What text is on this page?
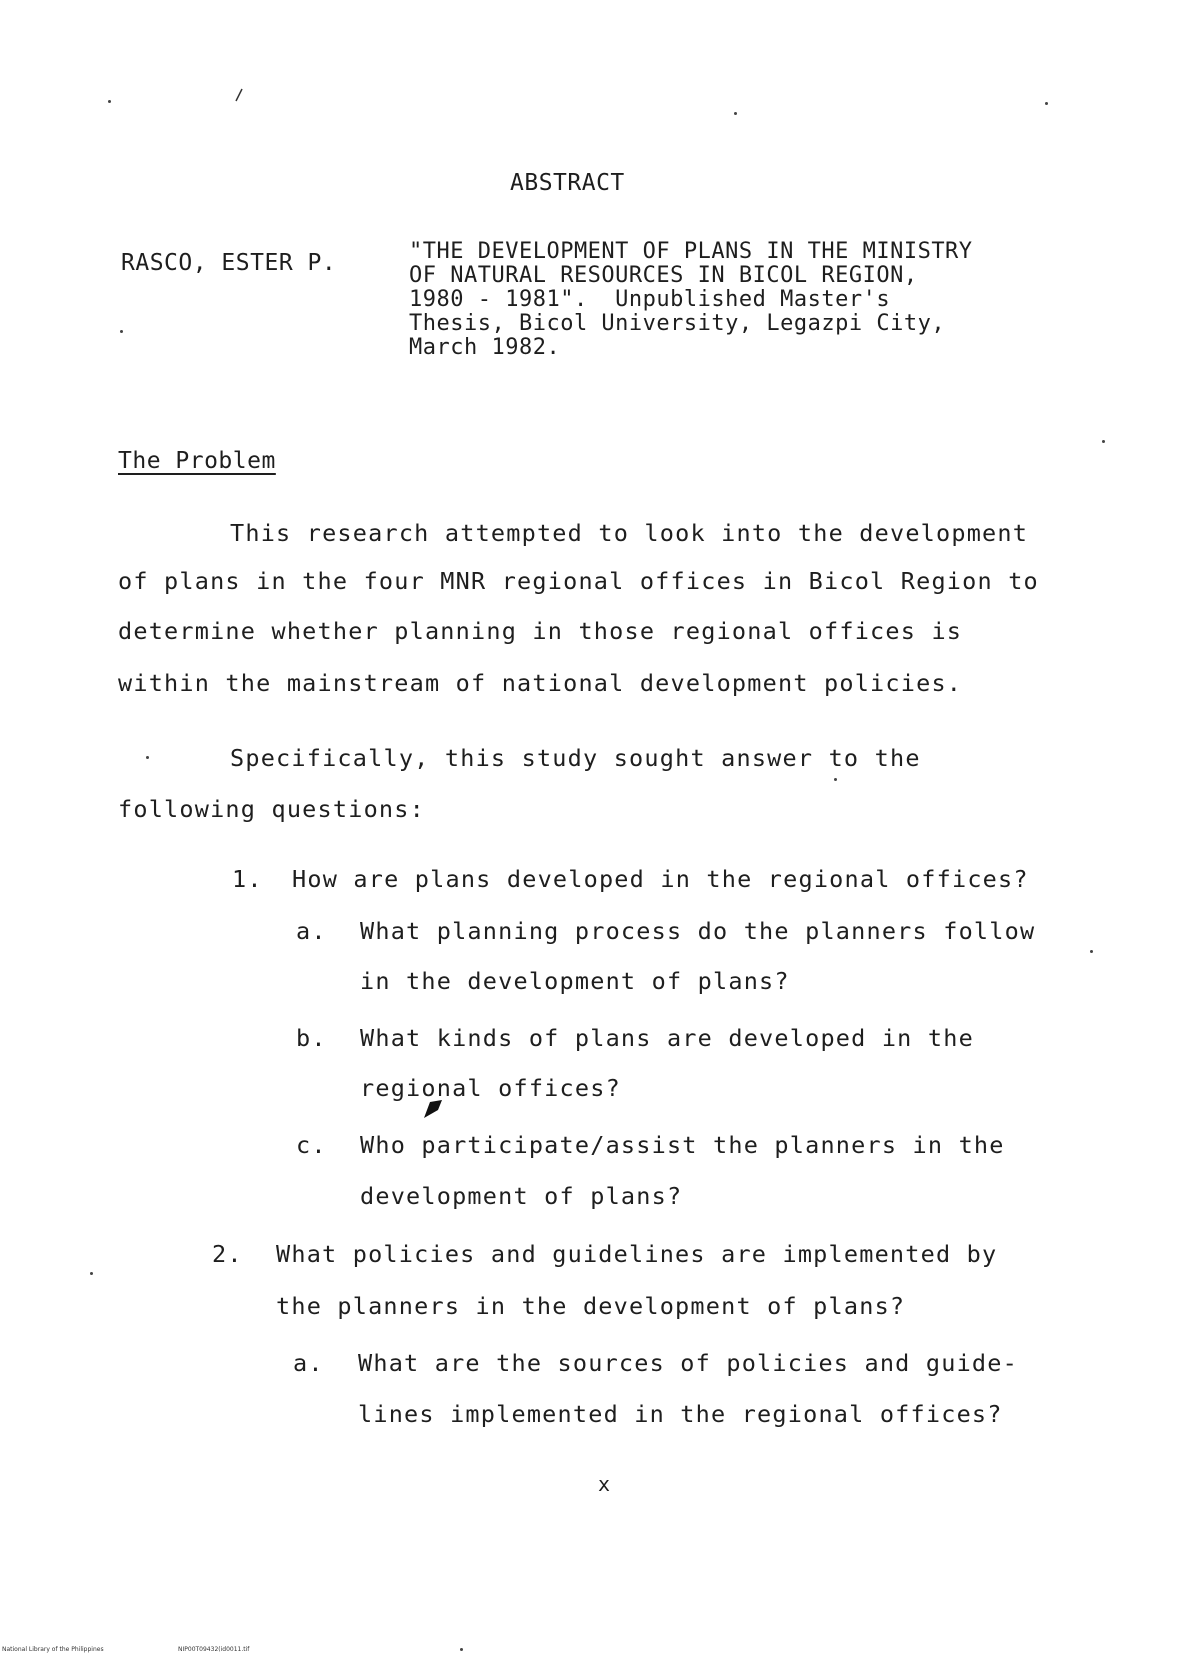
ABSTRACT
RASCO, ESTER P.	"THE DEVELOPMENT OF PLANS IN THE MINISTRY
OF NATURAL RESOURCES IN BICOL REGION,
1980 - 1981".  Unpublished Master's
Thesis, Bicol University, Legazpi City,
March 1982.
The Problem
This research attempted to look into the development
of plans in the four MNR regional offices in Bicol Region to
determine whether planning in those regional offices is
within the mainstream of national development policies.
Specifically, this study sought answer to the
following questions:
1. How are plans developed in the regional offices?
a. What planning process do the planners follow
in the development of plans?
b. What kinds of plans are developed in the
regional offices?
c. Who participate/assist the planners in the
development of plans?
2. What policies and guidelines are implemented by
the planners in the development of plans?
a. What are the sources of policies and guide-
lines implemented in the regional offices?
x
National Library of the Philippines	NIP00T09432(id0011.tif
